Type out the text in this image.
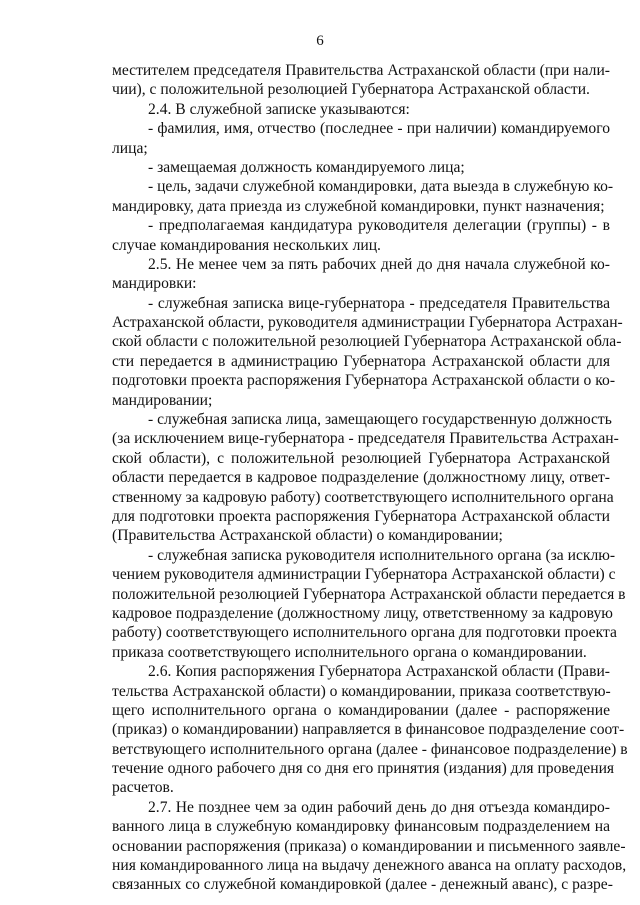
6
местителем председателя Правительства Астраханской области (при нали-
чии), с положительной резолюцией Губернатора Астраханской области.
2.4. В служебной записке указываются:
- фамилия, имя, отчество (последнее - при наличии) командируемого
лица;
- замещаемая должность командируемого лица;
- цель, задачи служебной командировки, дата выезда в служебную ко-
мандировку, дата приезда из служебной командировки, пункт назначения;
- предполагаемая кандидатура руководителя делегации (группы) - в
случае командирования нескольких лиц.
2.5. Не менее чем за пять рабочих дней до дня начала служебной ко-
мандировки:
- служебная записка вице-губернатора - председателя Правительства
Астраханской области, руководителя администрации Губернатора Астрахан-
ской области с положительной резолюцией Губернатора Астраханской обла-
сти передается в администрацию Губернатора Астраханской области для
подготовки проекта распоряжения Губернатора Астраханской области о ко-
мандировании;
- служебная записка лица, замещающего государственную должность
(за исключением вице-губернатора - председателя Правительства Астрахан-
ской области), с положительной резолюцией Губернатора Астраханской
области передается в кадровое подразделение (должностному лицу, ответ-
ственному за кадровую работу) соответствующего исполнительного органа
для подготовки проекта распоряжения Губернатора Астраханской области
(Правительства Астраханской области) о командировании;
- служебная записка руководителя исполнительного органа (за исклю-
чением руководителя администрации Губернатора Астраханской области) с
положительной резолюцией Губернатора Астраханской области передается в
кадровое подразделение (должностному лицу, ответственному за кадровую
работу) соответствующего исполнительного органа для подготовки проекта
приказа соответствующего исполнительного органа о командировании.
2.6. Копия распоряжения Губернатора Астраханской области (Прави-
тельства Астраханской области) о командировании, приказа соответствую-
щего исполнительного органа о командировании (далее - распоряжение
(приказ) о командировании) направляется в финансовое подразделение соот-
ветствующего исполнительного органа (далее - финансовое подразделение) в
течение одного рабочего дня со дня его принятия (издания) для проведения
расчетов.
2.7. Не позднее чем за один рабочий день до дня отъезда командиро-
ванного лица в служебную командировку финансовым подразделением на
основании распоряжения (приказа) о командировании и письменного заявле-
ния командированного лица на выдачу денежного аванса на оплату расходов,
связанных со служебной командировкой (далее - денежный аванс), с разре-
